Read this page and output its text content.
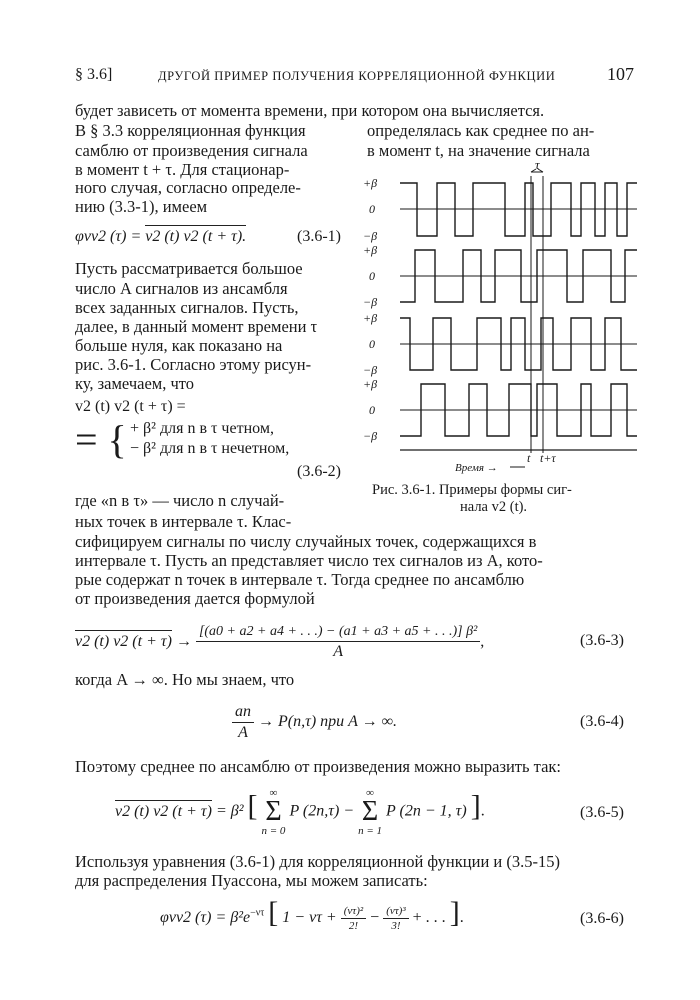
§ 3.6]	ДРУГОЙ ПРИМЕР ПОЛУЧЕНИЯ КОРРЕЛЯЦИОННОЙ ФУНКЦИИ	107
будет зависеть от момента времени, при котором она вычисляется.
В § 3.3 корреляционная функция
самблю от произведения сигнала
в момент t + τ. Для стационар-
ного случая, согласно определе-
нию (3.3-1), имеем
определялась как среднее по ан-
в момент t, на значение сигнала
φvv2 (τ) = v2 (t) v2 (t + τ).	(3.6-1)
Пусть рассматривается большое
число A сигналов из ансамбля
всех заданных сигналов. Пусть,
далее, в данный момент времени τ
больше нуля, как показано на
рис. 3.6-1. Согласно этому рисун-
ку, замечаем, что
v2 (t) v2 (t + τ) =
= { + β² для n в τ четном,
− β² для n в τ нечетном,
(3.6-2)
где «n в τ» — число n случай-
ных точек в интервале τ. Клас-
+β
0
−β
+β
0
−β
+β
0
−β
+β
0
−β
τ
t t+τ
Время →
Рис. 3.6-1. Примеры формы сиг-
нала v2 (t).
сифицируем сигналы по числу случайных точек, содержащихся в
интервале τ. Пусть an представляет число тех сигналов из A, кото-
рые содержат n точек в интервале τ. Тогда среднее по ансамблю
от произведения дается формулой
v2 (t) v2 $(t + \tau) \to \frac{\text{[(a0 + a2 + a4 + . . .) − (a1 + a3 + a5 + . . .)] β²}}{A}$ ,	(3.6-3)
когда A → ∞. Но мы знаем, что
$\frac{an}{A} \to P(n,\tau)$ при A → ∞.	(3.6-4)
Поэтому среднее по ансамблю от произведения можно выразить так:
v2 (t) v2 (t + τ) = β² [ ∞
Σ
n = 0
P (2n,τ) −
∞
Σ
n = 1
P (2n − 1, τ) ].	(3.6-5)
Используя уравнения (3.6-1) для корреляционной функции и (3.5-15)
для распределения Пуассона, мы можем записать:
φvv2 $(\tau) = \beta^2e^{-\nu\tau}$ [ $1 - \nu\tau + \frac{\text{(ντ)²}}{2!} - \frac{\text{(ντ)³}}{3!}$ + . . . ].	(3.6-6)
